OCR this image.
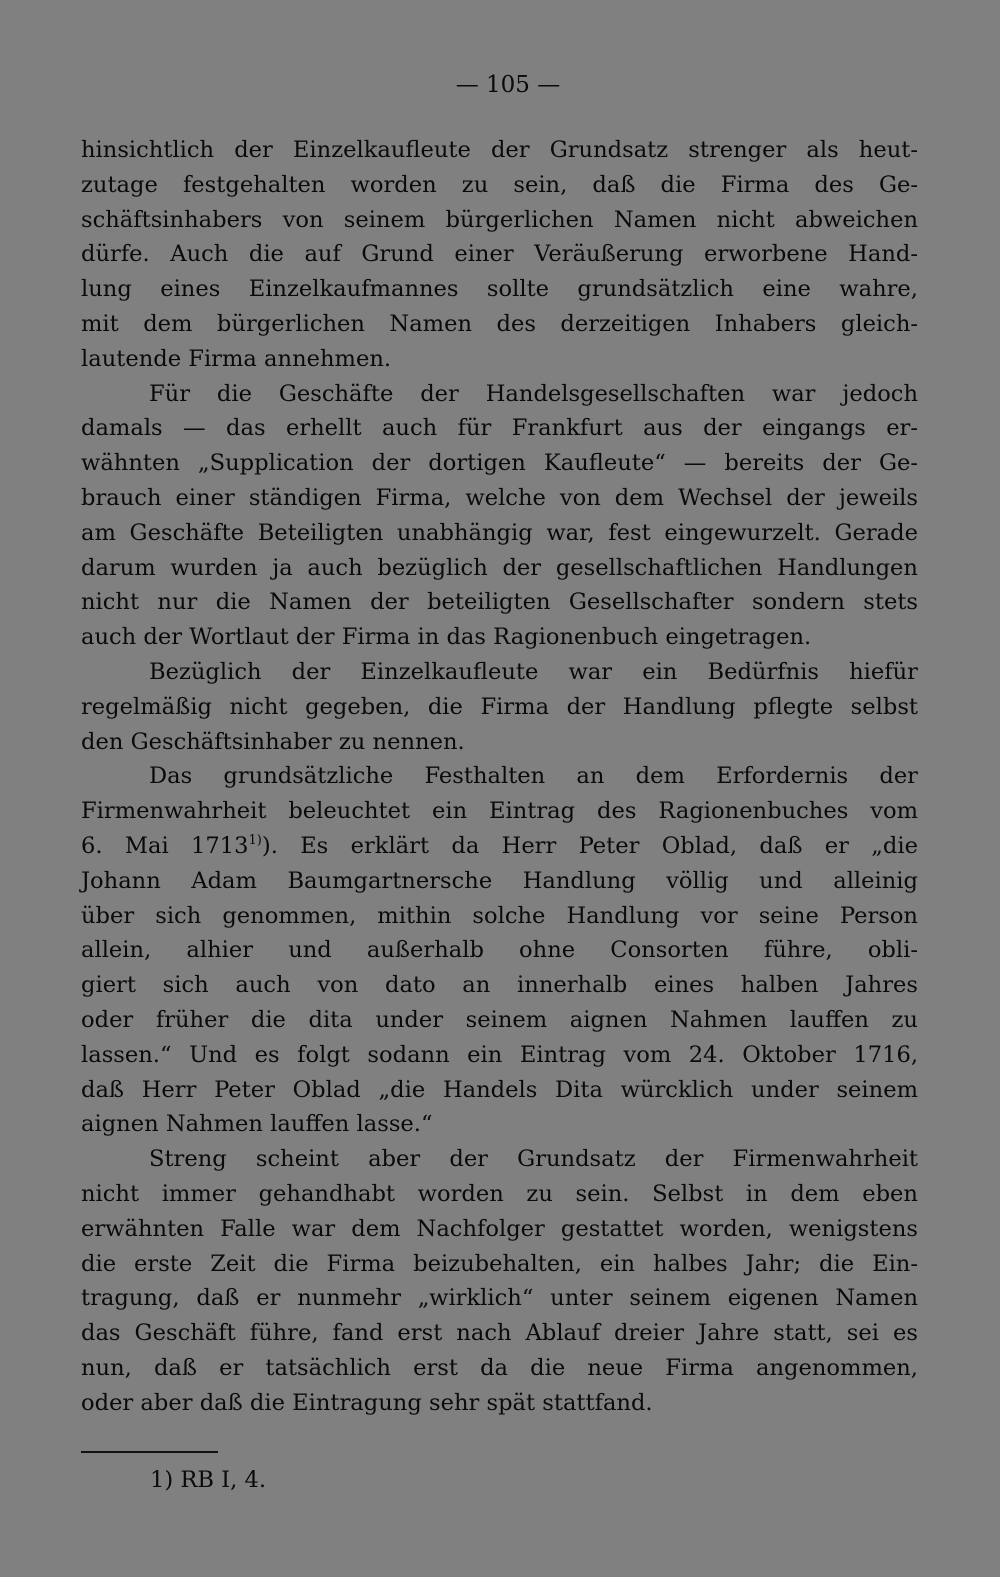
— 105 —
hinsichtlich der Einzelkaufleute der Grundsatz strenger als heut-
zutage festgehalten worden zu sein, daß die Firma des Ge-
schäftsinhabers von seinem bürgerlichen Namen nicht abweichen
dürfe. Auch die auf Grund einer Veräußerung erworbene Hand-
lung eines Einzelkaufmannes sollte grundsätzlich eine wahre,
mit dem bürgerlichen Namen des derzeitigen Inhabers gleich-
lautende Firma annehmen.
Für die Geschäfte der Handelsgesellschaften war jedoch
damals — das erhellt auch für Frankfurt aus der eingangs er-
wähnten „Supplication der dortigen Kaufleute“ — bereits der Ge-
brauch einer ständigen Firma, welche von dem Wechsel der jeweils
am Geschäfte Beteiligten unabhängig war, fest eingewurzelt. Gerade
darum wurden ja auch bezüglich der gesellschaftlichen Handlungen
nicht nur die Namen der beteiligten Gesellschafter sondern stets
auch der Wortlaut der Firma in das Ragionenbuch eingetragen.
Bezüglich der Einzelkaufleute war ein Bedürfnis hiefür
regelmäßig nicht gegeben, die Firma der Handlung pflegte selbst
den Geschäftsinhaber zu nennen.
Das grundsätzliche Festhalten an dem Erfordernis der
Firmenwahrheit beleuchtet ein Eintrag des Ragionenbuches vom
6. Mai 1713$^{1)}$). Es erklärt da Herr Peter Oblad, daß er „die
Johann Adam Baumgartnersche Handlung völlig und alleinig
über sich genommen, mithin solche Handlung vor seine Person
allein, alhier und außerhalb ohne Consorten führe, obli-
giert sich auch von dato an innerhalb eines halben Jahres
oder früher die dita under seinem aignen Nahmen lauffen zu
lassen.“ Und es folgt sodann ein Eintrag vom 24. Oktober 1716,
daß Herr Peter Oblad „die Handels Dita würcklich under seinem
aignen Nahmen lauffen lasse.“
Streng scheint aber der Grundsatz der Firmenwahrheit
nicht immer gehandhabt worden zu sein. Selbst in dem eben
erwähnten Falle war dem Nachfolger gestattet worden, wenigstens
die erste Zeit die Firma beizubehalten, ein halbes Jahr; die Ein-
tragung, daß er nunmehr „wirklich“ unter seinem eigenen Namen
das Geschäft führe, fand erst nach Ablauf dreier Jahre statt, sei es
nun, daß er tatsächlich erst da die neue Firma angenommen,
oder aber daß die Eintragung sehr spät stattfand.
1) RB I, 4.
